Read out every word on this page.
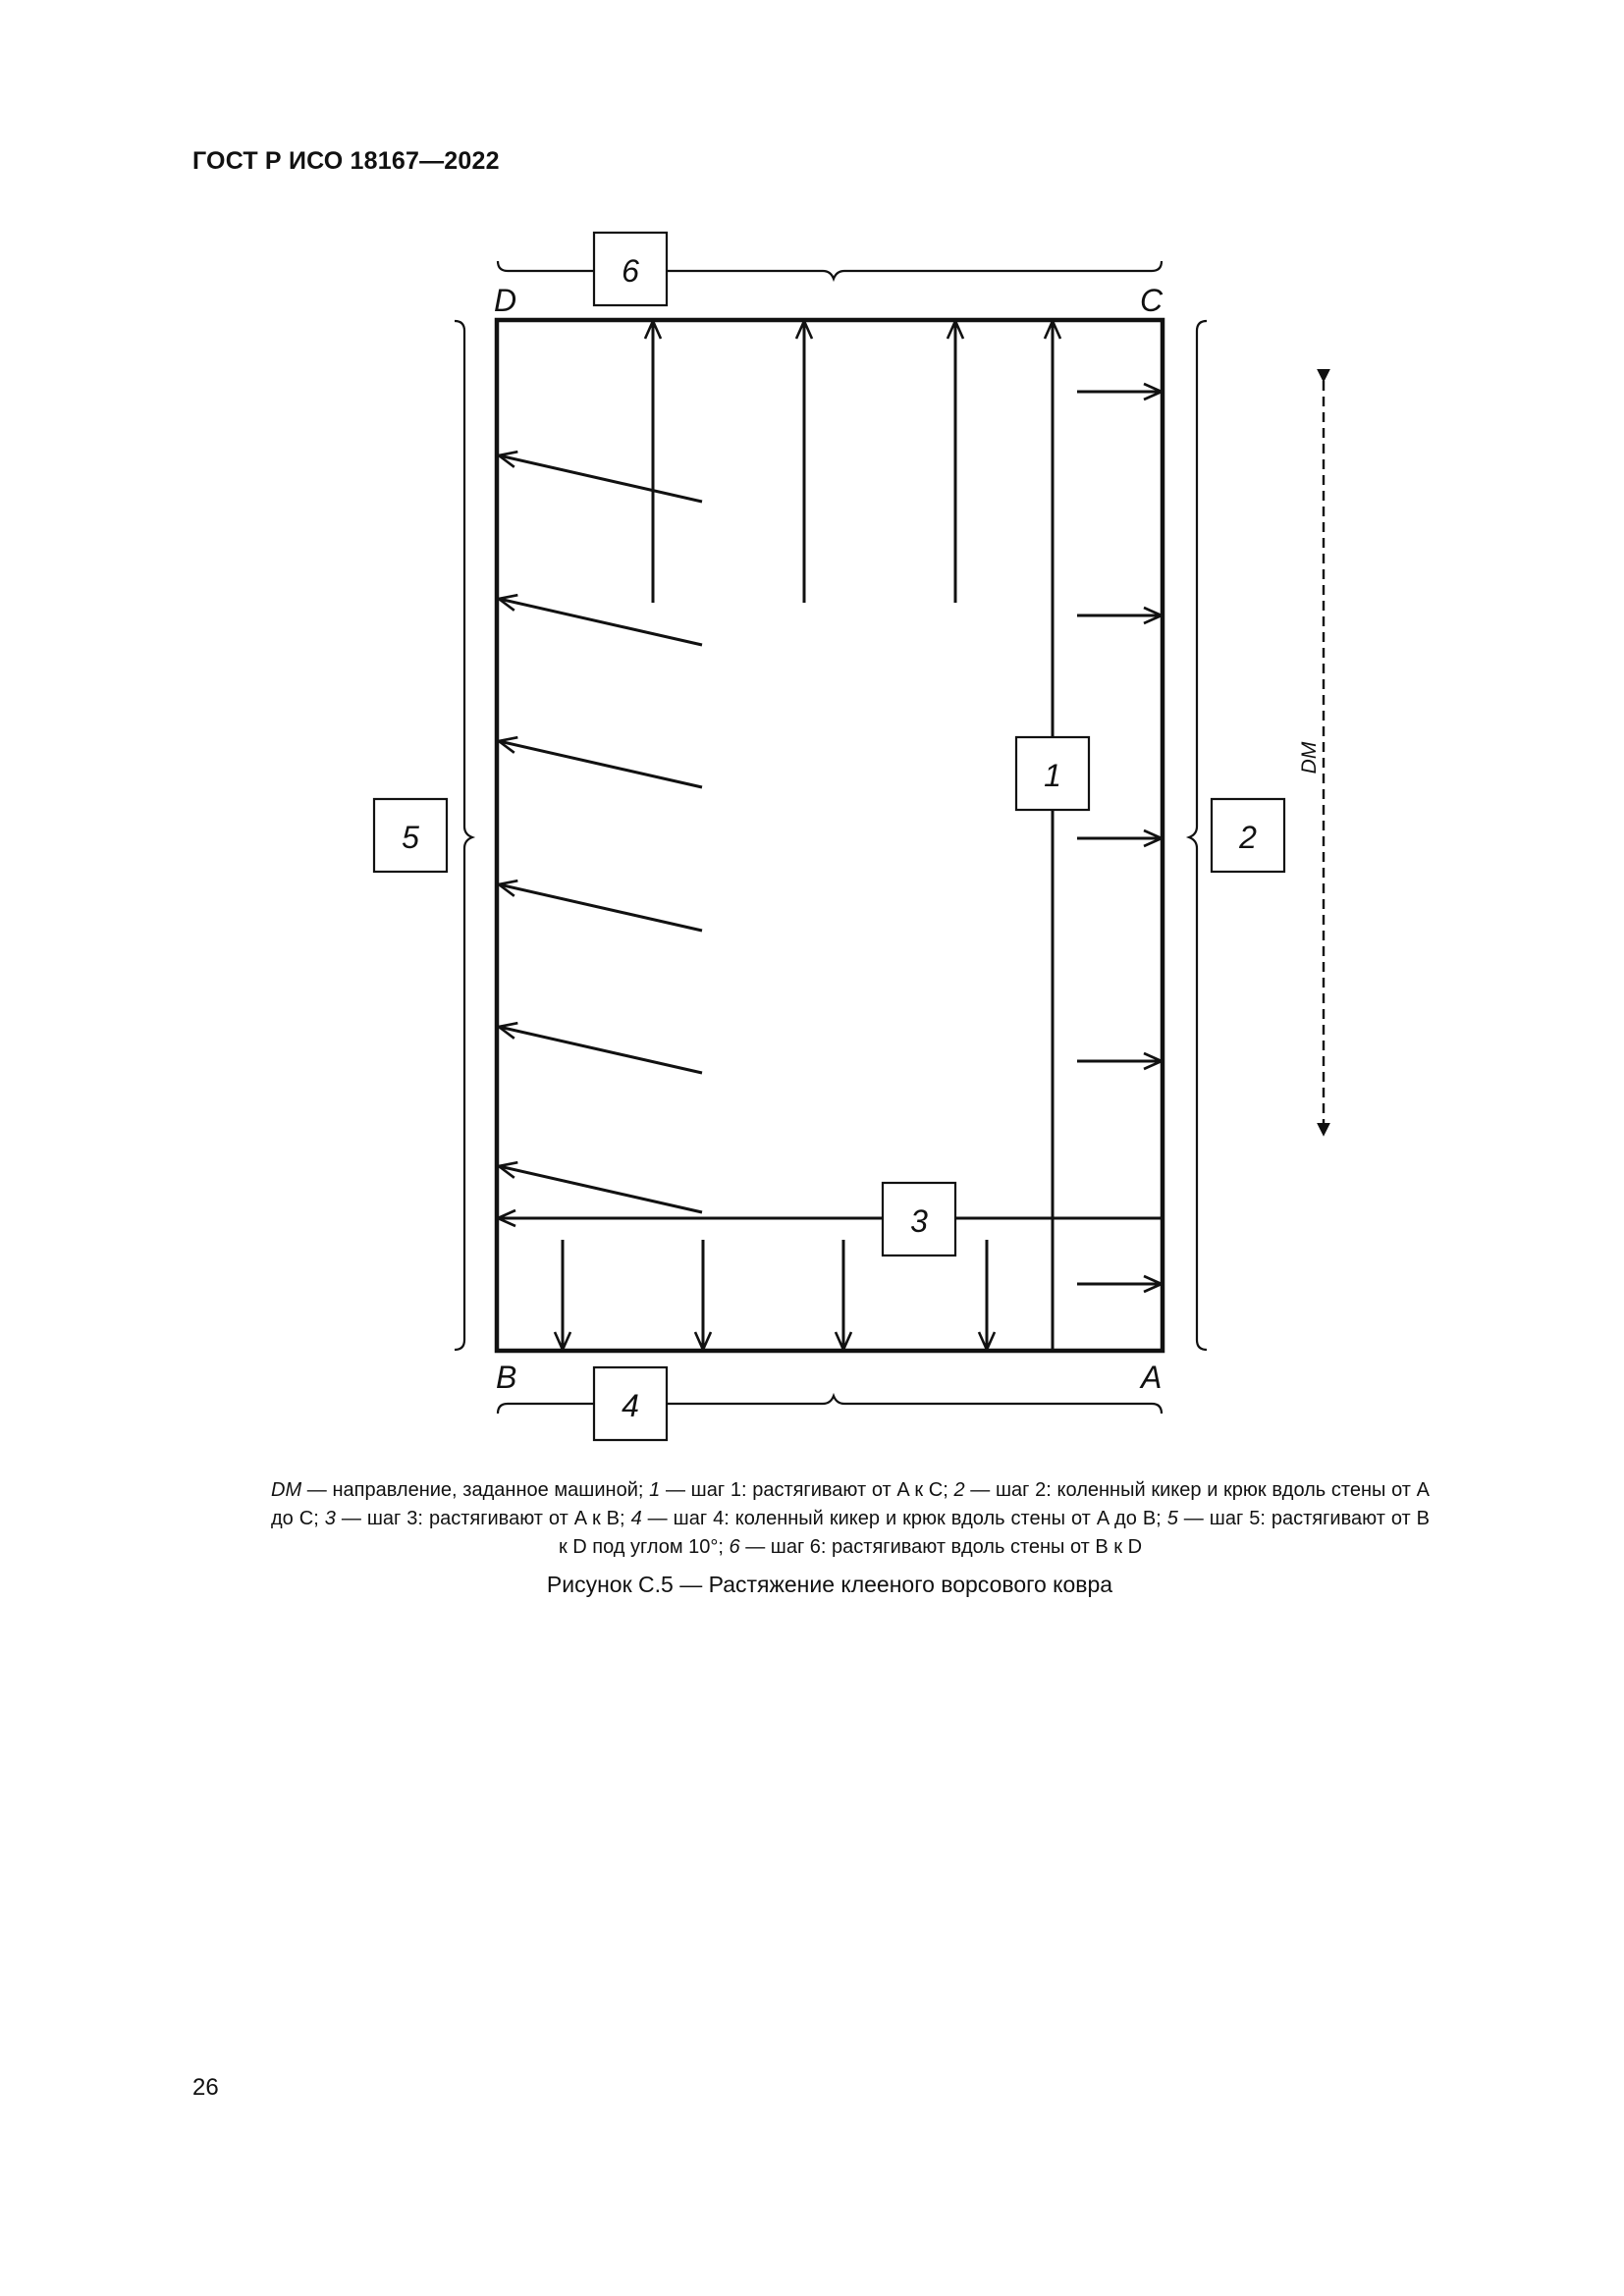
ГОСТ Р ИСО 18167—2022
6
4
5	2
1
3
D	C
B	A
DM
DM — направление, заданное машиной; 1 — шаг 1: растягивают от A к C; 2 — шаг 2: коленный кикер и крюк вдоль стены от A до C; 3 — шаг 3: растягивают от A к B; 4 — шаг 4: коленный кикер и крюк вдоль стены от A до B; 5 — шаг 5: растягивают от B к D под углом 10°; 6 — шаг 6: растягивают вдоль стены от B к D
Рисунок С.5 — Растяжение клееного ворсового ковра
26
